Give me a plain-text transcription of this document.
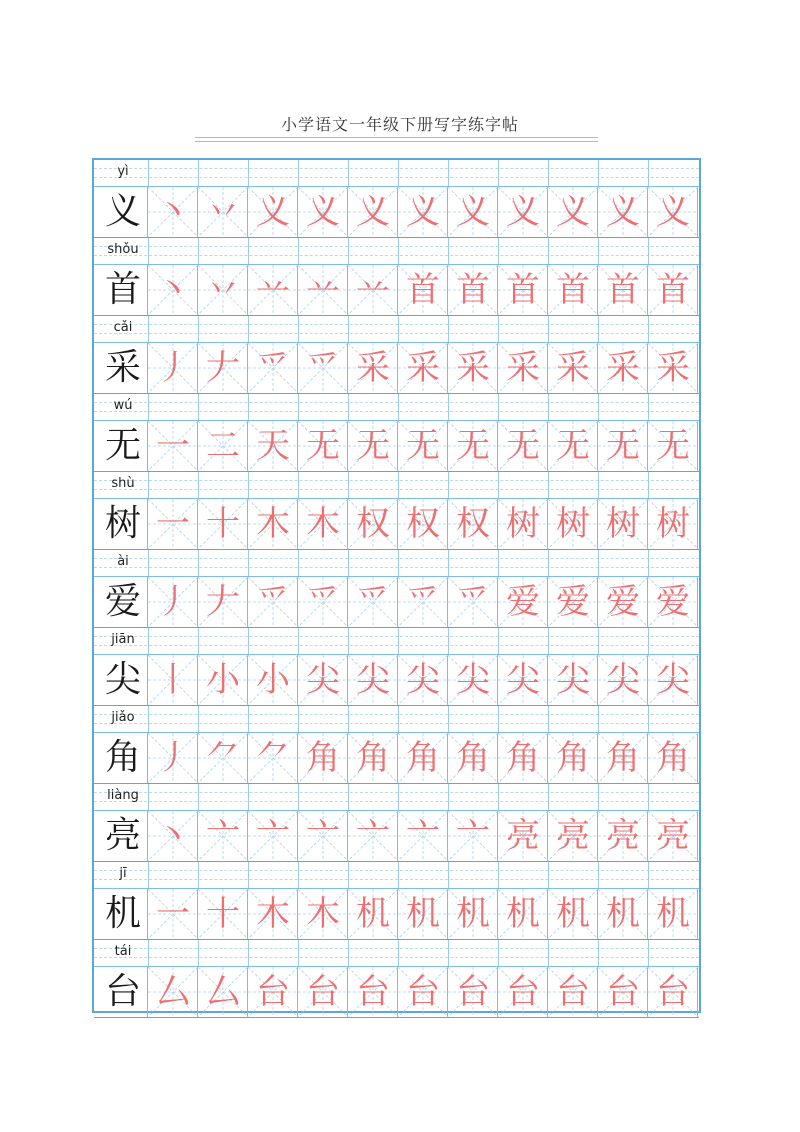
小学语文一年级下册写字练字帖
yì
义 丶 丷 义 义 义 义 义 义 义 义 义
shǒu
首 丶 丷 䒑 䒑 䒑 首 首 首 首 首 首
cǎi
采 丿 𠂇 爫 爫 采 采 采 采 采 采 采
wú
无 一 二 天 无 无 无 无 无 无 无 无
shù
树 一 十 木 木 权 权 权 树 树 树 树
ài
爱 丿 𠂇 爫 爫 爫 爫 爫 爱 爱 爱 爱
jiān
尖 丨 小 小 尖 尖 尖 尖 尖 尖 尖 尖
jiǎo
角 丿 ⺈ ⺈ 角 角 角 角 角 角 角 角
liàng
亮 丶 亠 亠 亠 亠 亠 亠 亮 亮 亮 亮
jī
机 一 十 木 木 机 机 机 机 机 机 机
tái
台 厶 厶 台 台 台 台 台 台 台 台 台
